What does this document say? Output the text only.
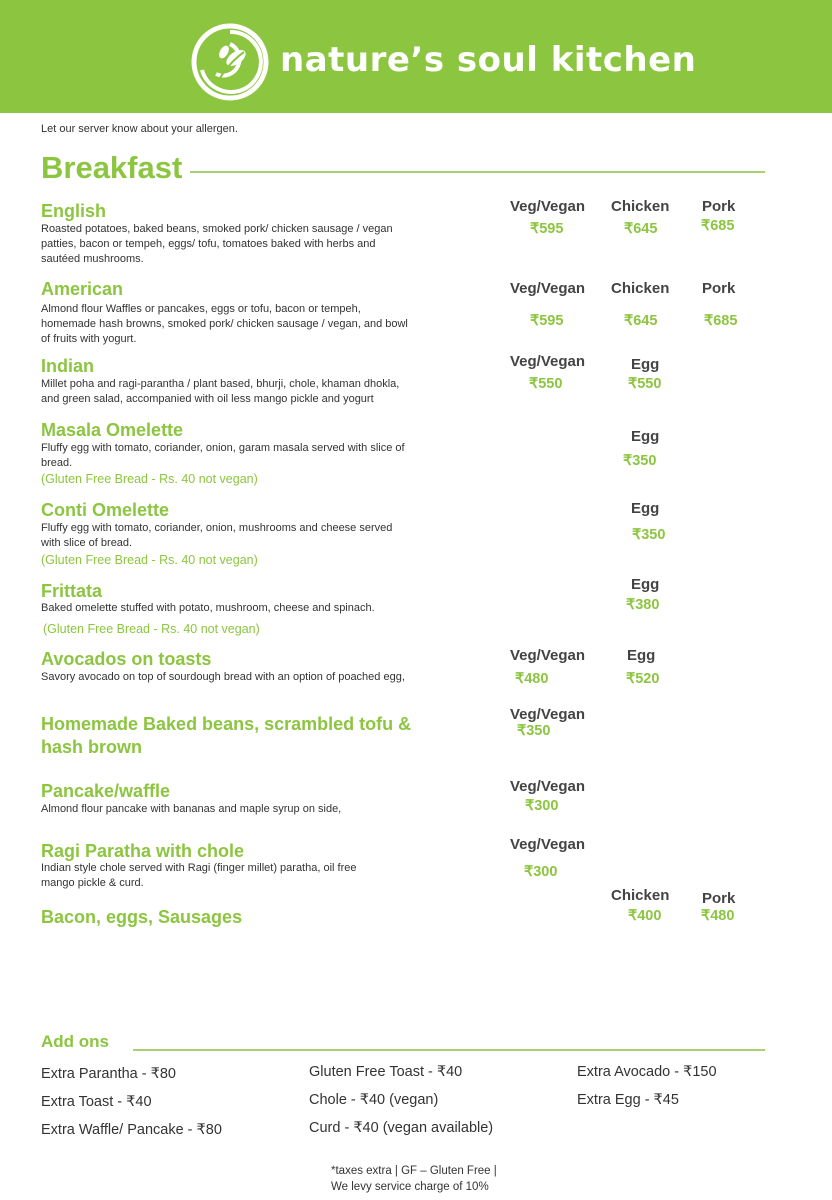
nature’s soul kitchen
Let our server know about your allergen.
Breakfast
English
Roasted potatoes, baked beans, smoked pork/ chicken sausage / vegan
patties, bacon or tempeh, eggs/ tofu, tomatoes baked with herbs and
sautéed mushrooms.
Veg/Vegan Chicken Pork
₹595	₹645	₹685
American
Almond flour Waffles or pancakes, eggs or tofu, bacon or tempeh,
homemade hash browns, smoked pork/ chicken sausage / vegan, and bowl
of fruits with yogurt.
Veg/Vegan Chicken Pork
₹595	₹645	₹685
Indian
Millet poha and ragi-parantha / plant based, bhurji, chole, khaman dhokla,
and green salad, accompanied with oil less mango pickle and yogurt
Veg/Vegan	Egg
₹550	₹550
Masala Omelette
Fluffy egg with tomato, coriander, onion, garam masala served with slice of
bread.
(Gluten Free Bread - Rs. 40 not vegan)
Egg
₹350
Conti Omelette
Fluffy egg with tomato, coriander, onion, mushrooms and cheese served
with slice of bread.
(Gluten Free Bread - Rs. 40 not vegan)
Egg
₹350
Frittata
Baked omelette stuffed with potato, mushroom, cheese and spinach.
(Gluten Free Bread - Rs. 40 not vegan)
Egg
₹380
Avocados on toasts
Savory avocado on top of sourdough bread with an option of poached egg,
Veg/Vegan	Egg
₹480	₹520
Homemade Baked beans, scrambled tofu & hash brown
Veg/Vegan
₹350
Pancake/waffle
Almond flour pancake with bananas and maple syrup on side,
Veg/Vegan
₹300
Ragi Paratha with chole
Indian style chole served with Ragi (finger millet) paratha, oil free
mango pickle & curd.
Veg/Vegan
₹300
Bacon, eggs, Sausages
Chicken Pork
₹400	₹480
Add ons
Extra Parantha - ₹80
Extra Toast - ₹40
Extra Waffle/ Pancake - ₹80
Gluten Free Toast - ₹40
Chole - ₹40 (vegan)
Curd - ₹40 (vegan available)
Extra Avocado - ₹150
Extra Egg - ₹45
*taxes extra | GF – Gluten Free |
We levy service charge of 10%
